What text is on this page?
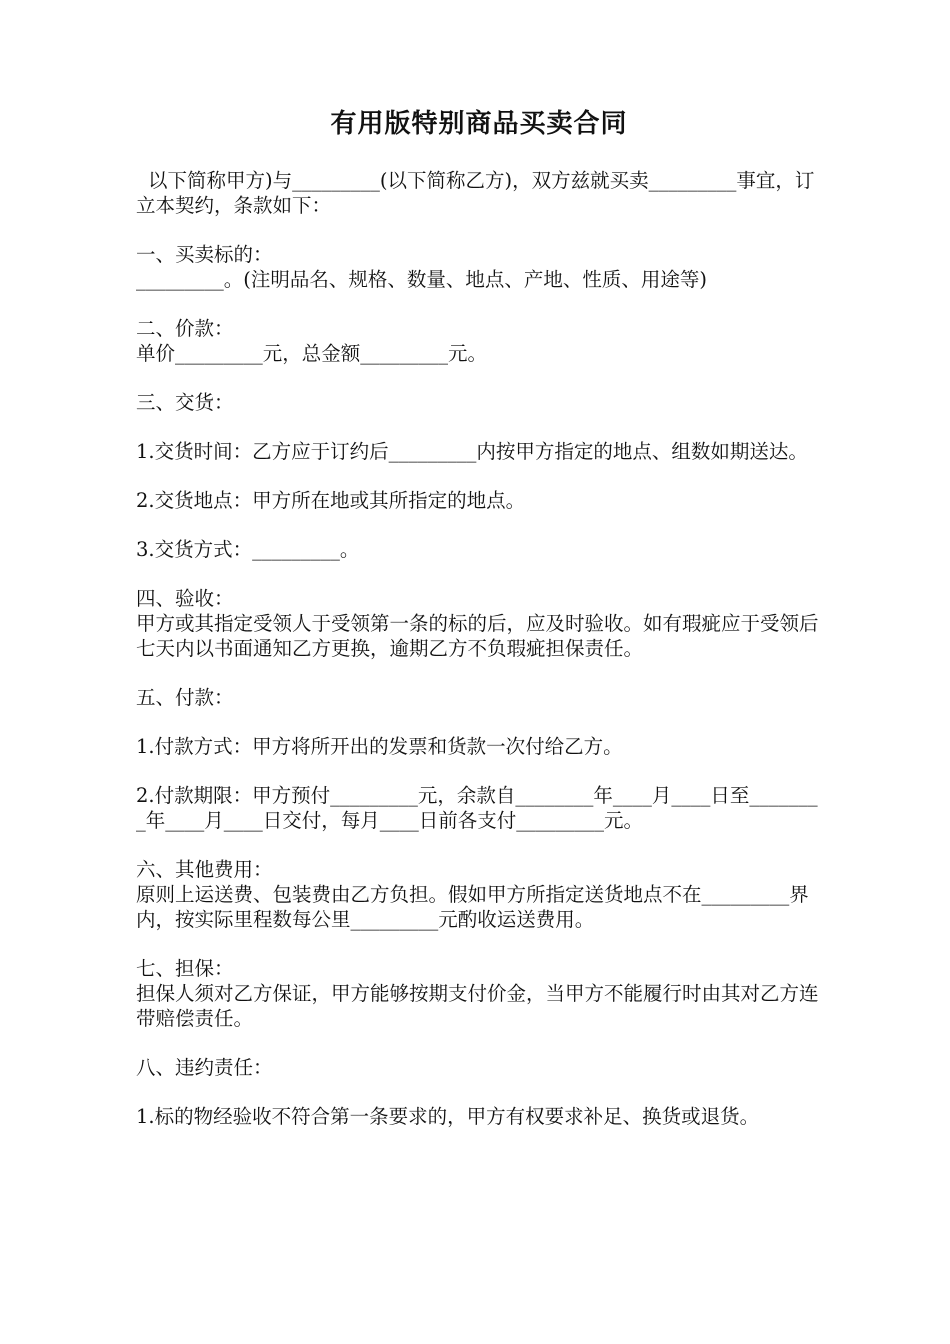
有用版特别商品买卖合同

以下简称甲方)与_________(以下简称乙方)，双方兹就买卖_________事宜，订立本契约，条款如下：

一、买卖标的：
_________。(注明品名、规格、数量、地点、产地、性质、用途等)

二、价款：
单价_________元，总金额_________元。

三、交货：

1.交货时间：乙方应于订约后_________内按甲方指定的地点、组数如期送达。

2.交货地点：甲方所在地或其所指定的地点。

3.交货方式：_________。

四、验收：
甲方或其指定受领人于受领第一条的标的后，应及时验收。如有瑕疵应于受领后七天内以书面通知乙方更换，逾期乙方不负瑕疵担保责任。

五、付款：

1.付款方式：甲方将所开出的发票和货款一次付给乙方。

2.付款期限：甲方预付_________元，余款自________年____月____日至________年____月____日交付，每月____日前各支付_________元。

六、其他费用：
原则上运送费、包装费由乙方负担。假如甲方所指定送货地点不在_________界内，按实际里程数每公里_________元酌收运送费用。

七、担保：
担保人须对乙方保证，甲方能够按期支付价金，当甲方不能履行时由其对乙方连带赔偿责任。

八、违约责任：

1.标的物经验收不符合第一条要求的，甲方有权要求补足、换货或退货。
